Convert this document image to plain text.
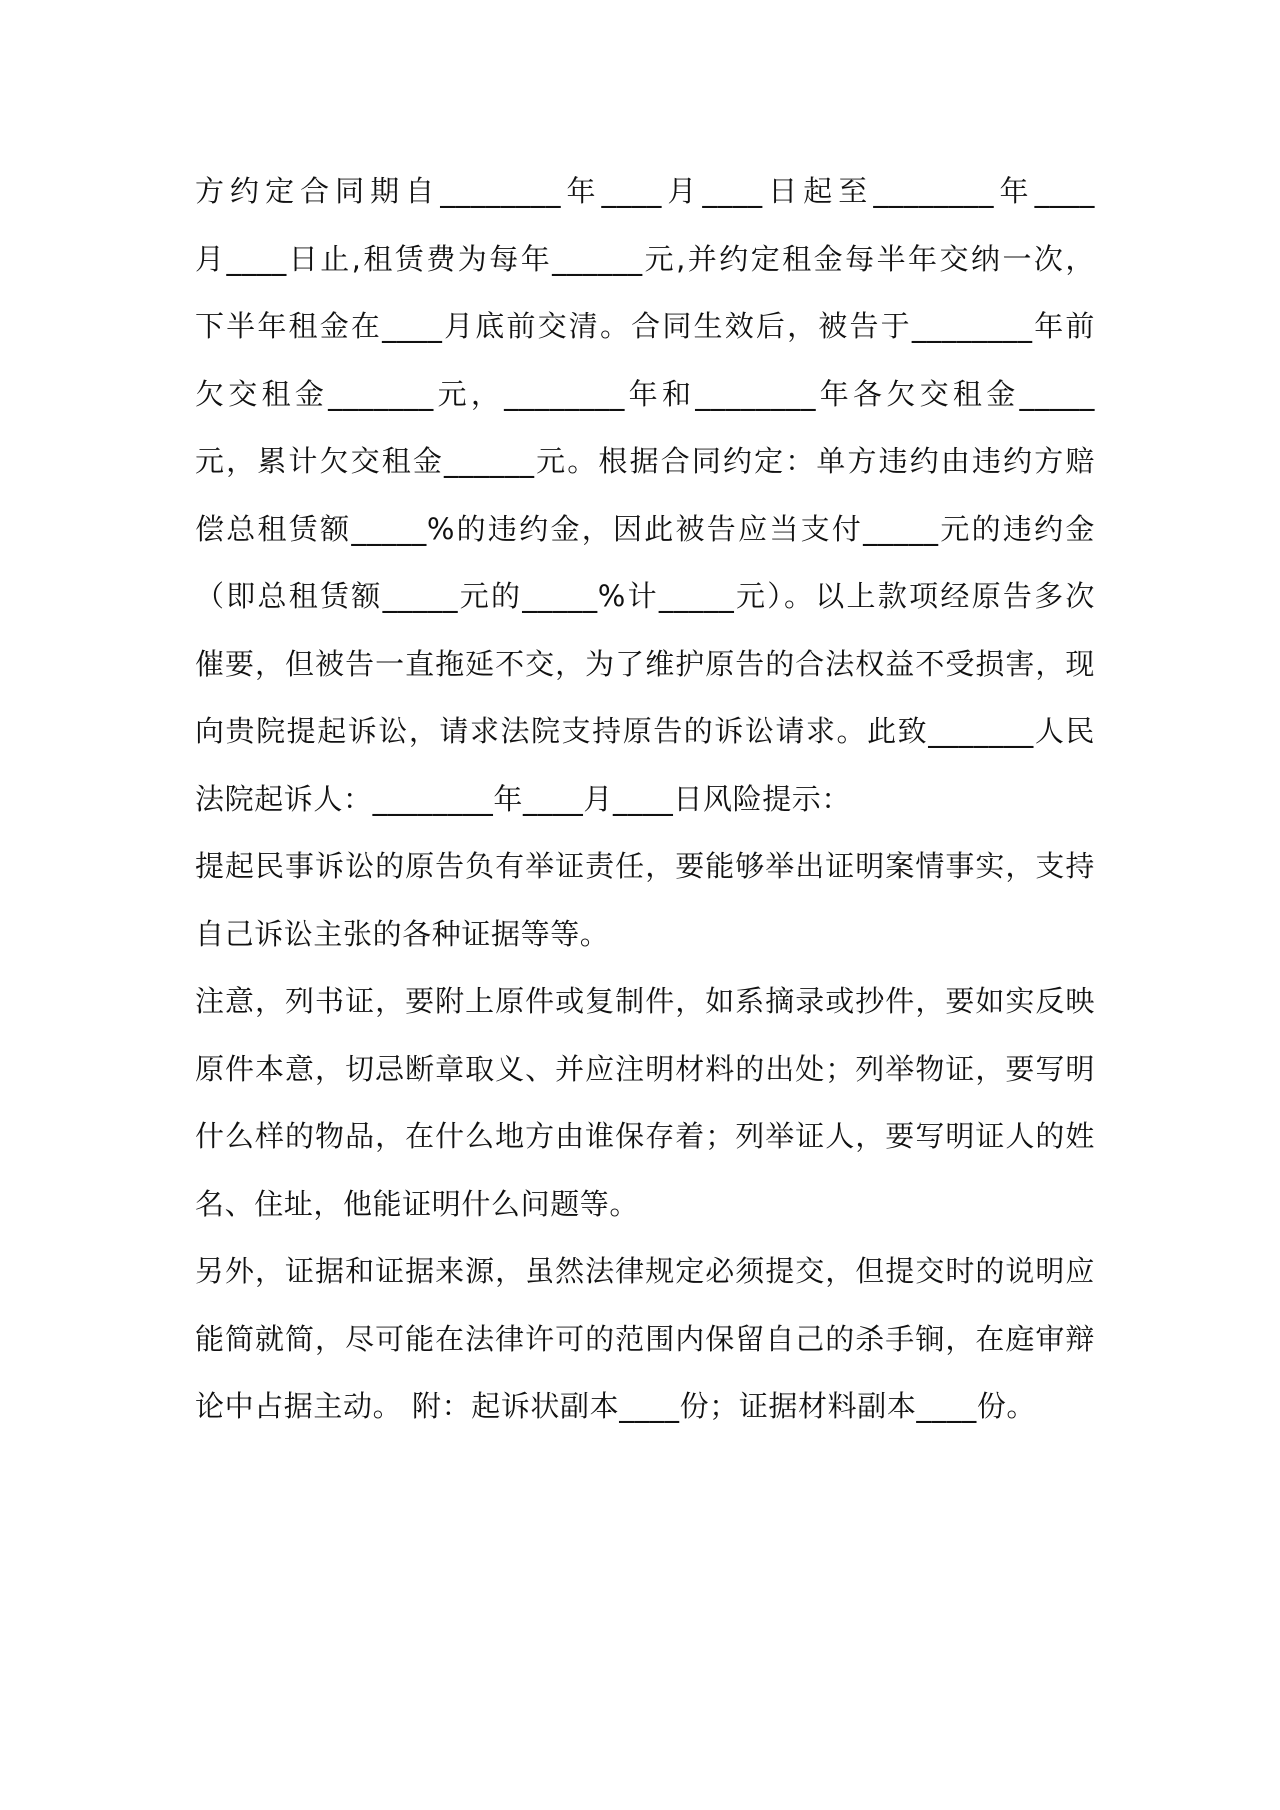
方约定合同期自________年____月____日起至________年____
月____日止,租赁费为每年______元,并约定租金每半年交纳一次，
下半年租金在____月底前交清。合同生效后，被告于________年前
欠交租金_______元，________年和________年各欠交租金_____
元，累计欠交租金______元。根据合同约定：单方违约由违约方赔
偿总租赁额_____%的违约金，因此被告应当支付_____元的违约金
（即总租赁额_____元的_____%计_____元）。以上款项经原告多次
催要，但被告一直拖延不交，为了维护原告的合法权益不受损害，现
向贵院提起诉讼，请求法院支持原告的诉讼请求。此致_______人民
法院起诉人：________年____月____日风险提示：
提起民事诉讼的原告负有举证责任，要能够举出证明案情事实，支持
自己诉讼主张的各种证据等等。
注意，列书证，要附上原件或复制件，如系摘录或抄件，要如实反映
原件本意，切忌断章取义、并应注明材料的出处；列举物证，要写明
什么样的物品，在什么地方由谁保存着；列举证人，要写明证人的姓
名、住址，他能证明什么问题等。
另外，证据和证据来源，虽然法律规定必须提交，但提交时的说明应
能简就简，尽可能在法律许可的范围内保留自己的杀手锏，在庭审辩
论中占据主动。 附：起诉状副本____份；证据材料副本____份。
